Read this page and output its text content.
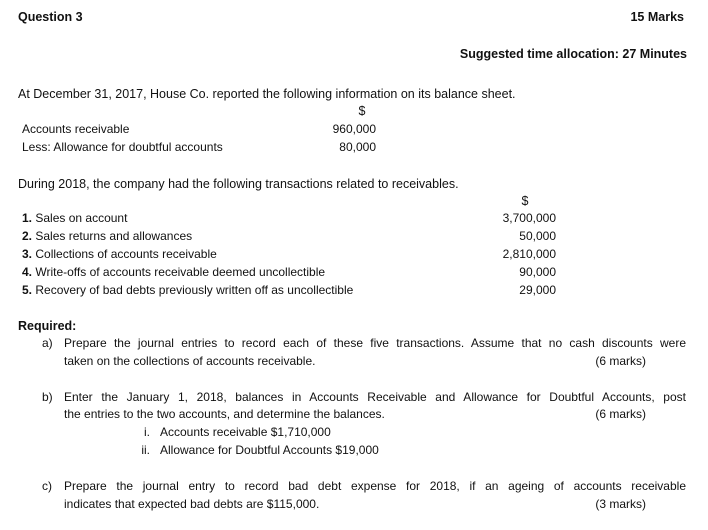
Question 3	15 Marks
Suggested time allocation: 27 Minutes
At December 31, 2017, House Co. reported the following information on its balance sheet.
$
Accounts receivable	960,000
Less: Allowance for doubtful accounts	80,000
During 2018, the company had the following transactions related to receivables.
$
1. Sales on account	3,700,000
2. Sales returns and allowances	50,000
3. Collections of accounts receivable	2,810,000
4. Write-offs of accounts receivable deemed uncollectible	90,000
5. Recovery of bad debts previously written off as uncollectible	29,000
Required:
a) Prepare the journal entries to record each of these five transactions. Assume that no cash discounts were
taken on the collections of accounts receivable.	(6 marks)
b) Enter the January 1, 2018, balances in Accounts Receivable and Allowance for Doubtful Accounts, post
the entries to the two accounts, and determine the balances.	(6 marks)
i. Accounts receivable $1,710,000
ii. Allowance for Doubtful Accounts $19,000
c) Prepare the journal entry to record bad debt expense for 2018, if an ageing of accounts receivable
indicates that expected bad debts are $115,000.	(3 marks)
